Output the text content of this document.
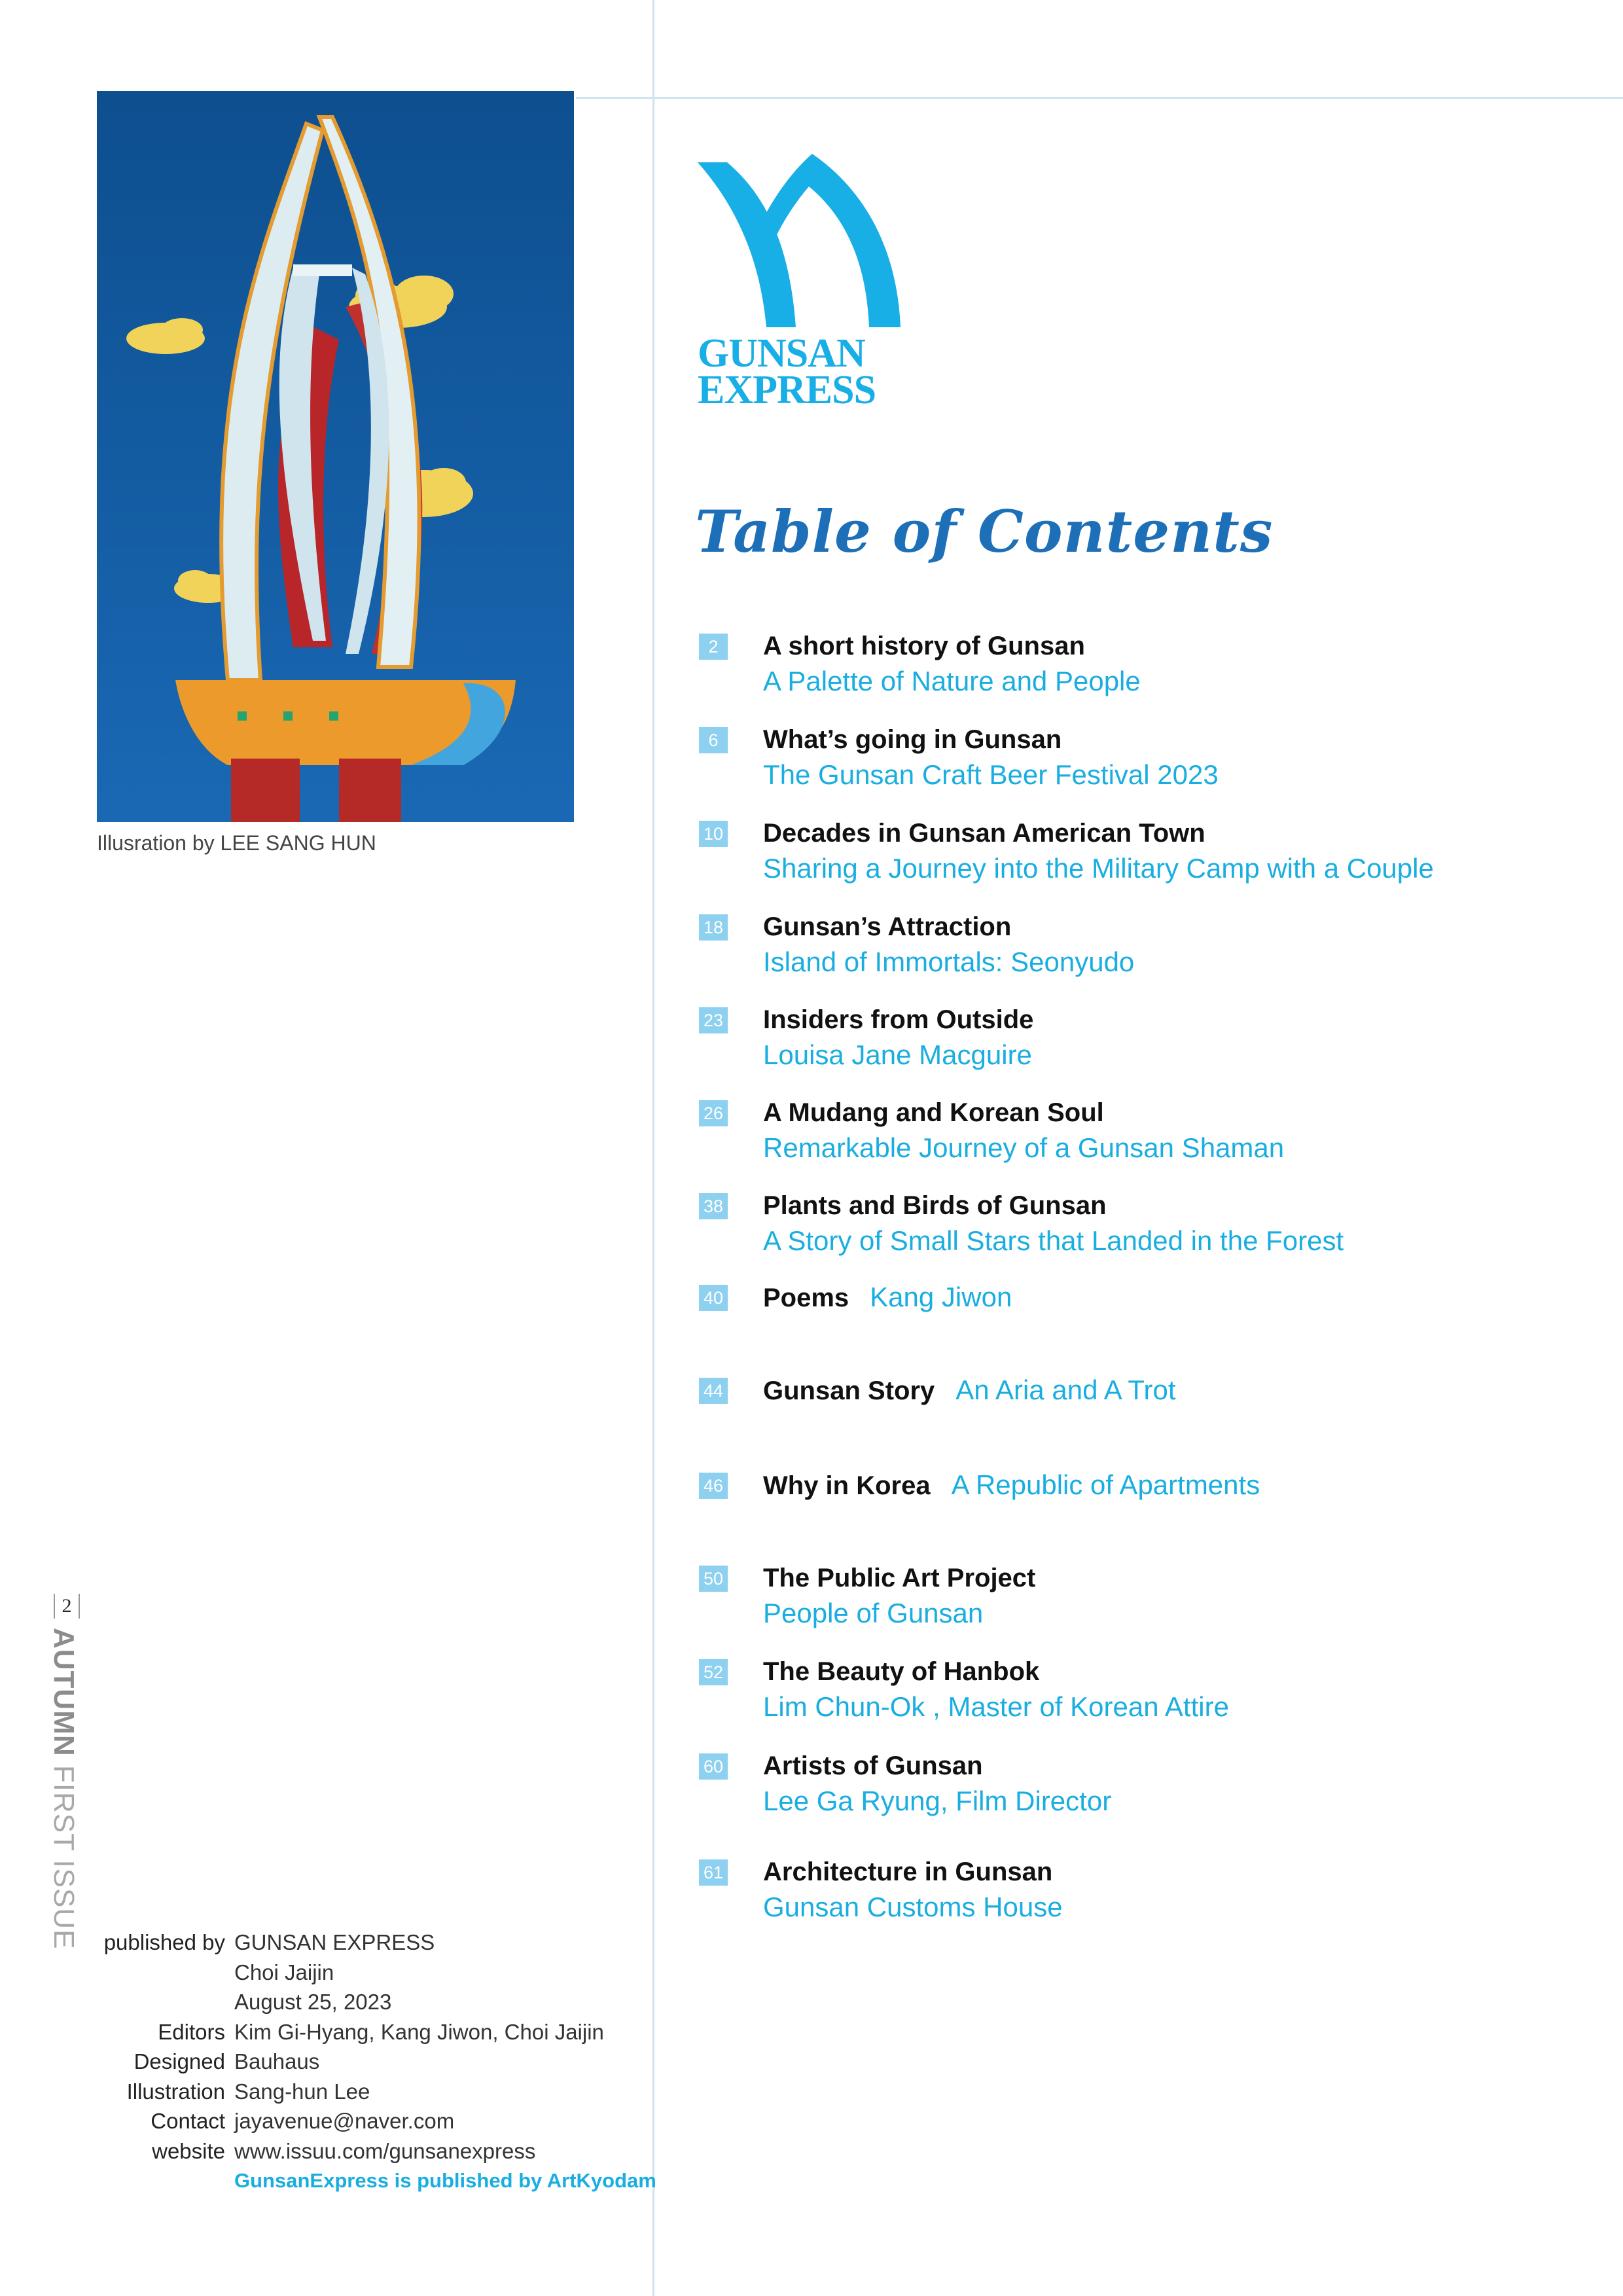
Illusration by LEE SANG HUN
2
AUTUMN FIRST ISSUE	published by GUNSAN EXPRESS
Choi Jaijin
August 25, 2023
Editors Kim Gi-Hyang, Kang Jiwon, Choi Jaijin
Designed Bauhaus
Illustration Sang-hun Lee
Contact jayavenue@naver.com
website www.issuu.com/gunsanexpress
GunsanExpress is published by ArtKyodam
GUNSAN
EXPRESS
Table of Contents
2	A short history of Gunsan
A Palette of Nature and People
6	What’s going in Gunsan
The Gunsan Craft Beer Festival 2023
10 Decades in Gunsan American Town
Sharing a Journey into the Military Camp with a Couple
18 Gunsan’s Attraction
Island of Immortals: Seonyudo
23 Insiders from Outside
Louisa Jane Macguire
26 A Mudang and Korean Soul
Remarkable Journey of a Gunsan Shaman
38 Plants and Birds of Gunsan
A Story of Small Stars that Landed in the Forest
40 Poems Kang Jiwon
44 Gunsan Story An Aria and A Trot
46 Why in Korea A Republic of Apartments
50 The Public Art Project
People of Gunsan
52 The Beauty of Hanbok
Lim Chun-Ok , Master of Korean Attire
60 Artists of Gunsan
Lee Ga Ryung, Film Director
61 Architecture in Gunsan
Gunsan Customs House
